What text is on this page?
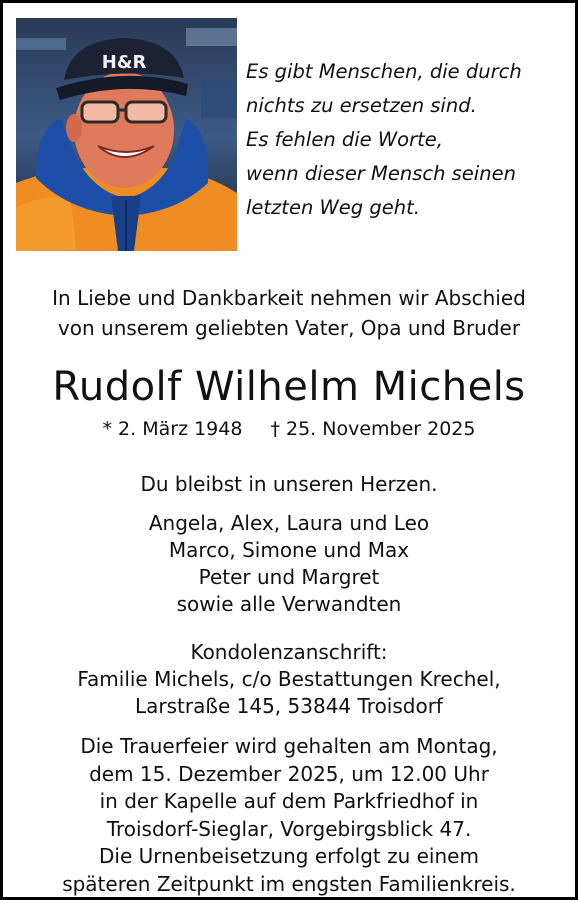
H&R	Es gibt Menschen, die durch
nichts zu ersetzen sind.
Es fehlen die Worte,
wenn dieser Mensch seinen
letzten Weg geht.
In Liebe und Dankbarkeit nehmen wir Abschied
von unserem geliebten Vater, Opa und Bruder
Rudolf Wilhelm Michels
* 2. März 1948 † 25. November 2025
Du bleibst in unseren Herzen.
Angela, Alex, Laura und Leo
Marco, Simone und Max
Peter und Margret
sowie alle Verwandten
Kondolenzanschrift:
Familie Michels, c/o Bestattungen Krechel,
Larstraße 145, 53844 Troisdorf
Die Trauerfeier wird gehalten am Montag,
dem 15. Dezember 2025, um 12.00 Uhr
in der Kapelle auf dem Parkfriedhof in
Troisdorf-Sieglar, Vorgebirgsblick 47.
Die Urnenbeisetzung erfolgt zu einem
späteren Zeitpunkt im engsten Familienkreis.
